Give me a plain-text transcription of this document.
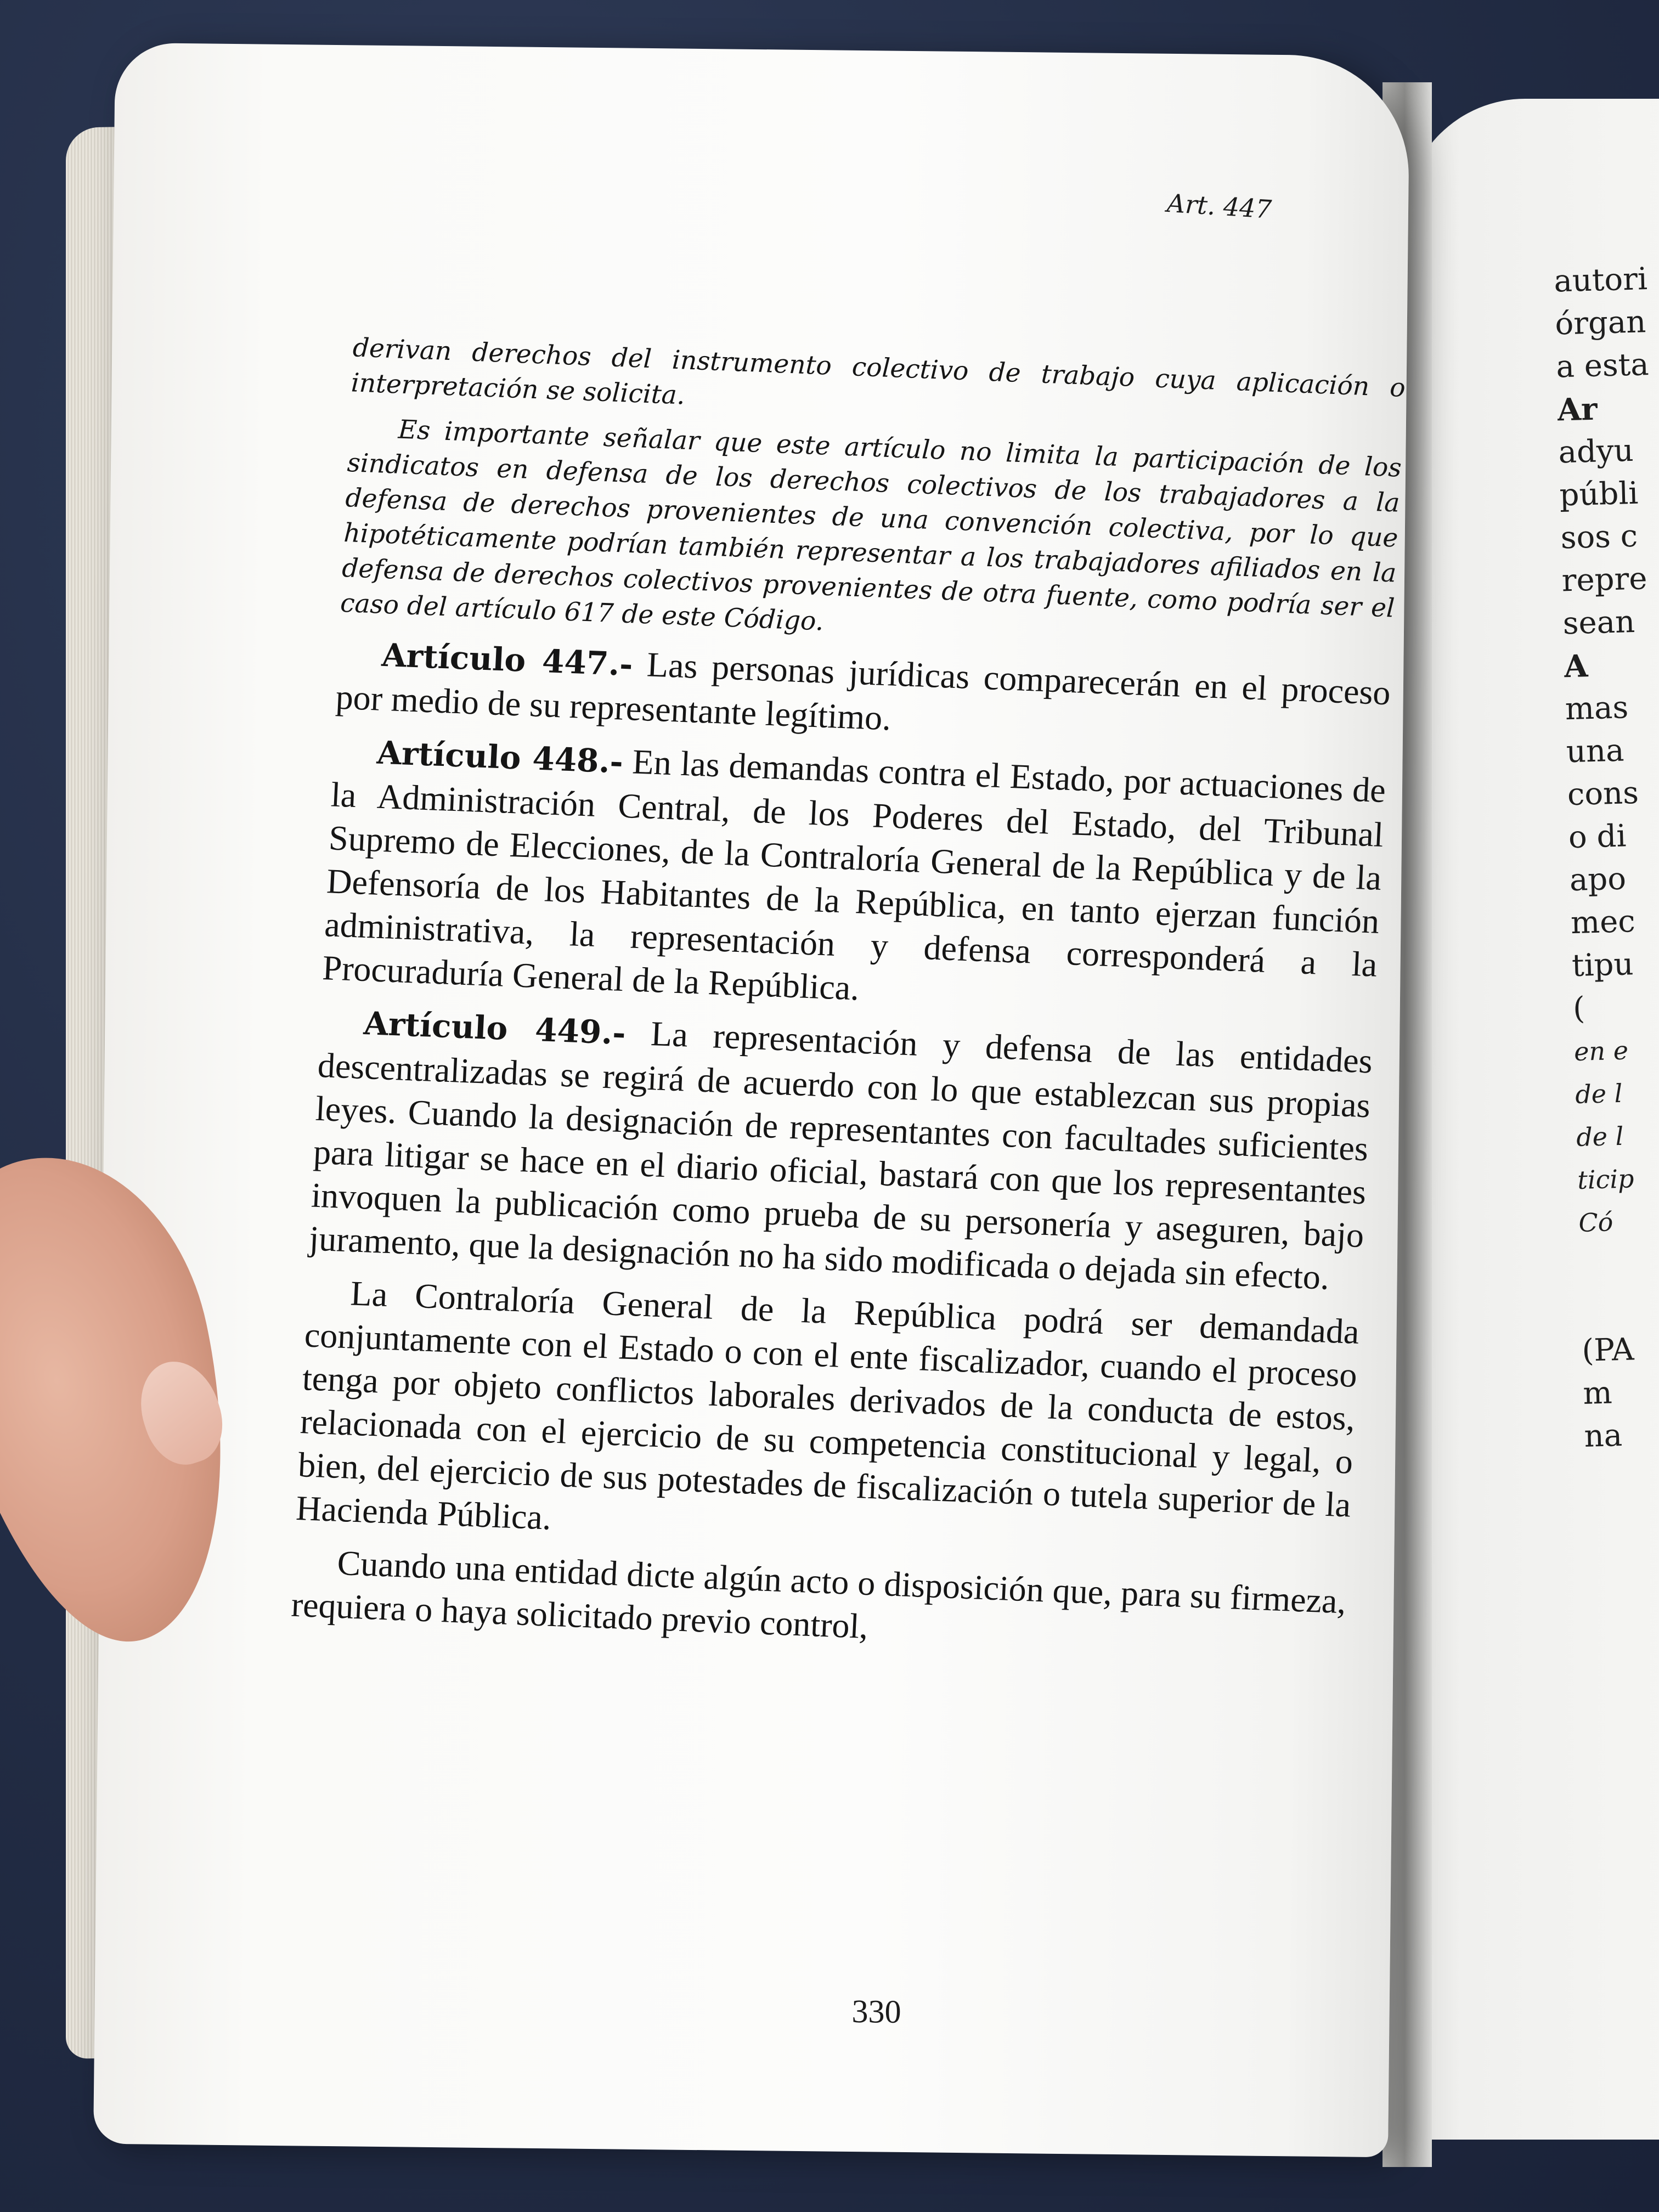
autori
órgan
a esta
Ar
adyu
públi
sos c
repre
sean
A
mas
una
cons
o di
apo
mec
tipu
(
en e
de l
de l
ticip
Có
(PA
m
na
Art. 447

derivan derechos del instrumento colectivo de trabajo cuya aplicación o interpretación se solicita.

Es importante señalar que este artículo no limita la participación de los sindicatos en defensa de los derechos colectivos de los trabajadores a la defensa de derechos provenientes de una convención colectiva, por lo que hipotéticamente podrían también representar a los trabajadores afiliados en la defensa de derechos colectivos provenientes de otra fuente, como podría ser el caso del artículo 617 de este Código.

Artículo 447.- Las personas jurídicas comparecerán en el proceso por medio de su representante legítimo.

Artículo 448.- En las demandas contra el Estado, por actuaciones de la Administración Central, de los Poderes del Estado, del Tribunal Supremo de Elecciones, de la Contraloría General de la República y de la Defensoría de los Habitantes de la República, en tanto ejerzan función administrativa, la representación y defensa corresponderá a la Procuraduría General de la República.

Artículo 449.- La representación y defensa de las entidades descentralizadas se regirá de acuerdo con lo que establezcan sus propias leyes. Cuando la designación de representantes con facultades suficientes para litigar se hace en el diario oficial, bastará con que los representantes invoquen la publicación como prueba de su personería y aseguren, bajo juramento, que la designación no ha sido modificada o dejada sin efecto.

La Contraloría General de la República podrá ser demandada conjuntamente con el Estado o con el ente fiscalizador, cuando el proceso tenga por objeto conflictos laborales derivados de la conducta de estos, relacionada con el ejercicio de su competencia constitucional y legal, o bien, del ejercicio de sus potestades de fiscalización o tutela superior de la Hacienda Pública.

Cuando una entidad dicte algún acto o disposición que, para su firmeza, requiera o haya solicitado previo control,

330
